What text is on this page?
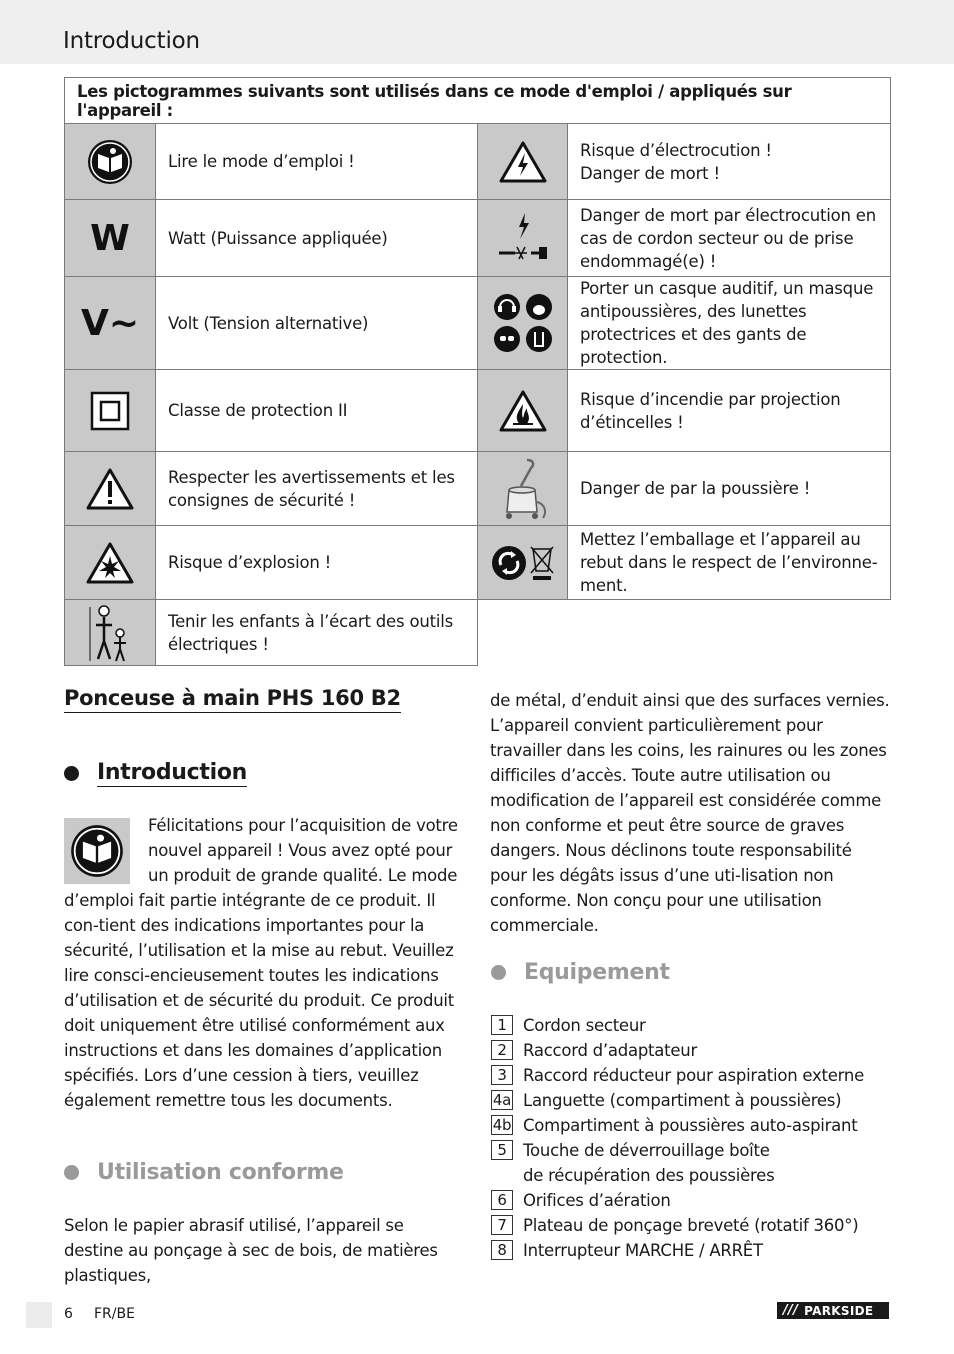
Introduction
Les pictogrammes suivants sont utilisés dans ce mode d'emploi / appliqués sur l'appareil :			

	Lire le mode d’emploi !		Risque d’électrocution !
Danger de mort !
W	Watt (Puissance appliquée)		Danger de mort par électrocution en cas de cordon secteur ou de prise endommagé(e) !
V~	Volt (Tension alternative)		Porter un casque auditif, un masque antipoussières, des lunettes protectrices et des gants de protection.

	Classe de protection II		Risque d’incendie par projection d’étincelles !

	Respecter les avertissements et les consignes de sécurité !		Danger de par la poussière !

	Risque d’explosion !		Mettez l’emballage et l’appareil au rebut dans le respect de l’environne-ment.

	Tenir les enfants à l’écart des outils électriques !		
Ponceuse à main PHS 160 B2
Introduction

Félicitations pour l’acquisition de votre nouvel appareil ! Vous avez opté pour un produit de grande qualité. Le mode

d’emploi fait partie intégrante de ce produit. Il con-tient des indications importantes pour la sécurité, l’utilisation et la mise au rebut. Veuillez lire consci-encieusement toutes les indications d’utilisation et de sécurité du produit. Ce produit doit uniquement être utilisé conformément aux instructions et dans les domaines d’application spécifiés. Lors d’une cession à tiers, veuillez également remettre tous les documents.

Utilisation conforme

Selon le papier abrasif utilisé, l’appareil se destine au ponçage à sec de bois, de matières plastiques,

de métal, d’enduit ainsi que des surfaces vernies. L’appareil convient particulièrement pour travailler dans les coins, les rainures ou les zones difficiles d’accès. Toute autre utilisation ou modification de l’appareil est considérée comme non conforme et peut être source de graves dangers. Nous déclinons toute responsabilité pour les dégâts issus d’une uti-lisation non conforme. Non conçu pour une utilisation commerciale.

Equipement
1 Cordon secteur
2 Raccord d’adaptateur
3 Raccord réducteur pour aspiration externe
4a Languette (compartiment à poussières)
4b Compartiment à poussières auto-aspirant
5 Touche de déverrouillage boîte
de récupération des poussières
6 Orifices d’aération
7 Plateau de ponçage breveté (rotatif 360°)
8 Interrupteur MARCHE / ARRÊT
6 FR/BE	/// PARKSIDE
